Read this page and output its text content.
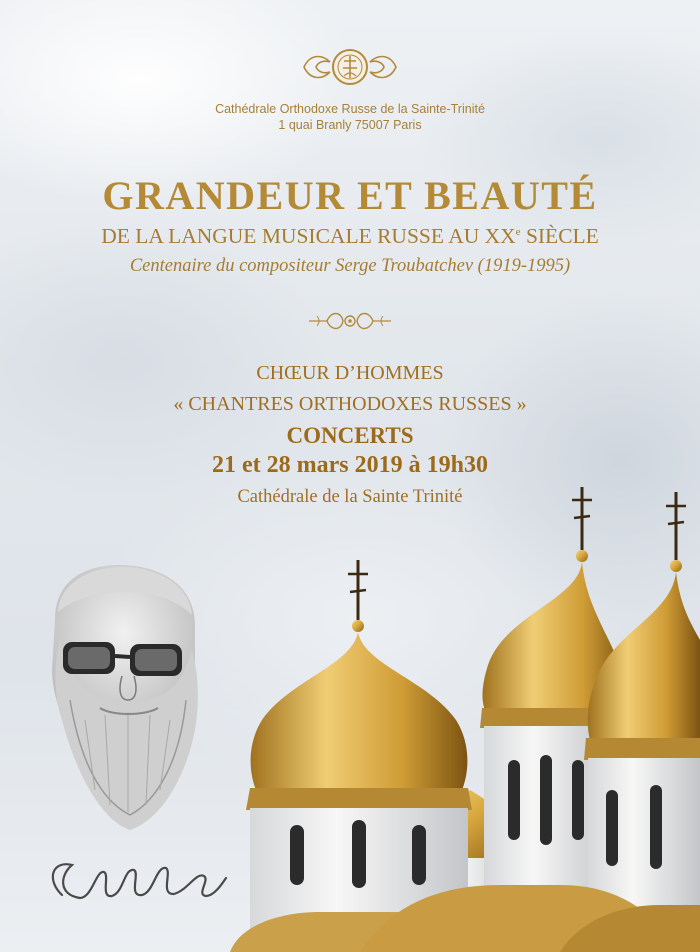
Cathédrale Orthodoxe Russe de la Sainte-Trinité
1 quai Branly 75007 Paris
GRANDEUR ET BEAUTÉ
DE LA LANGUE MUSICALE RUSSE AU XXe SIÈCLE
Centenaire du compositeur Serge Troubatchev (1919-1995)
CHŒUR D’HOMMES
« CHANTRES ORTHODOXES RUSSES »
CONCERTS
21 et 28 mars 2019 à 19h30
Cathédrale de la Sainte Trinité
